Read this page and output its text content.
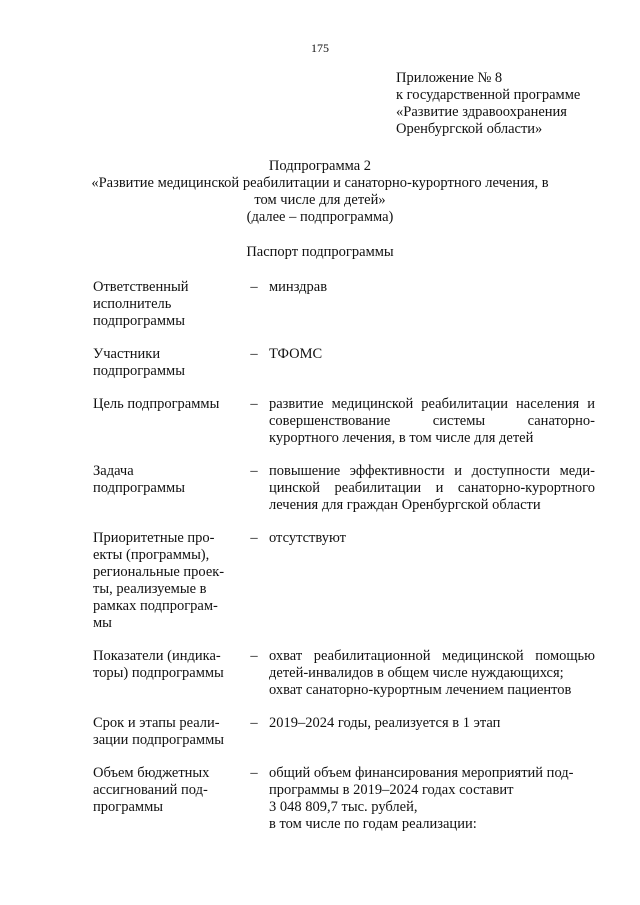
175
Приложение № 8
к государственной программе
«Развитие здравоохранения
Оренбургской области»
Подпрограмма 2
«Развитие медицинской реабилитации и санаторно-курортного лечения, в
том числе для детей»
(далее – подпрограмма)
Паспорт подпрограммы
Ответственный
исполнитель
подпрограммы
– минздрав
Участники
подпрограммы
– ТФОМС
Цель подпрограммы	– развитие медицинской реабилитации населения и
совершенствование системы санаторно-
курортного лечения, в том числе для детей
Задача
подпрограммы
– повышение эффективности и доступности меди-
цинской реабилитации и санаторно-курортного
лечения для граждан Оренбургской области
Приоритетные про-
екты (программы),
региональные проек-
ты, реализуемые в
рамках подпрограм-
мы
– отсутствуют
Показатели (индика-
торы) подпрограммы
– охват реабилитационной медицинской помощью
детей-инвалидов в общем числе нуждающихся;
охват санаторно-курортным лечением пациентов
Срок и этапы реали-
зации подпрограммы
– 2019–2024 годы, реализуется в 1 этап
Объем бюджетных
ассигнований под-
программы
– общий объем финансирования мероприятий под-
программы в 2019–2024 годах составит
3 048 809,7 тыс. рублей,
в том числе по годам реализации:
